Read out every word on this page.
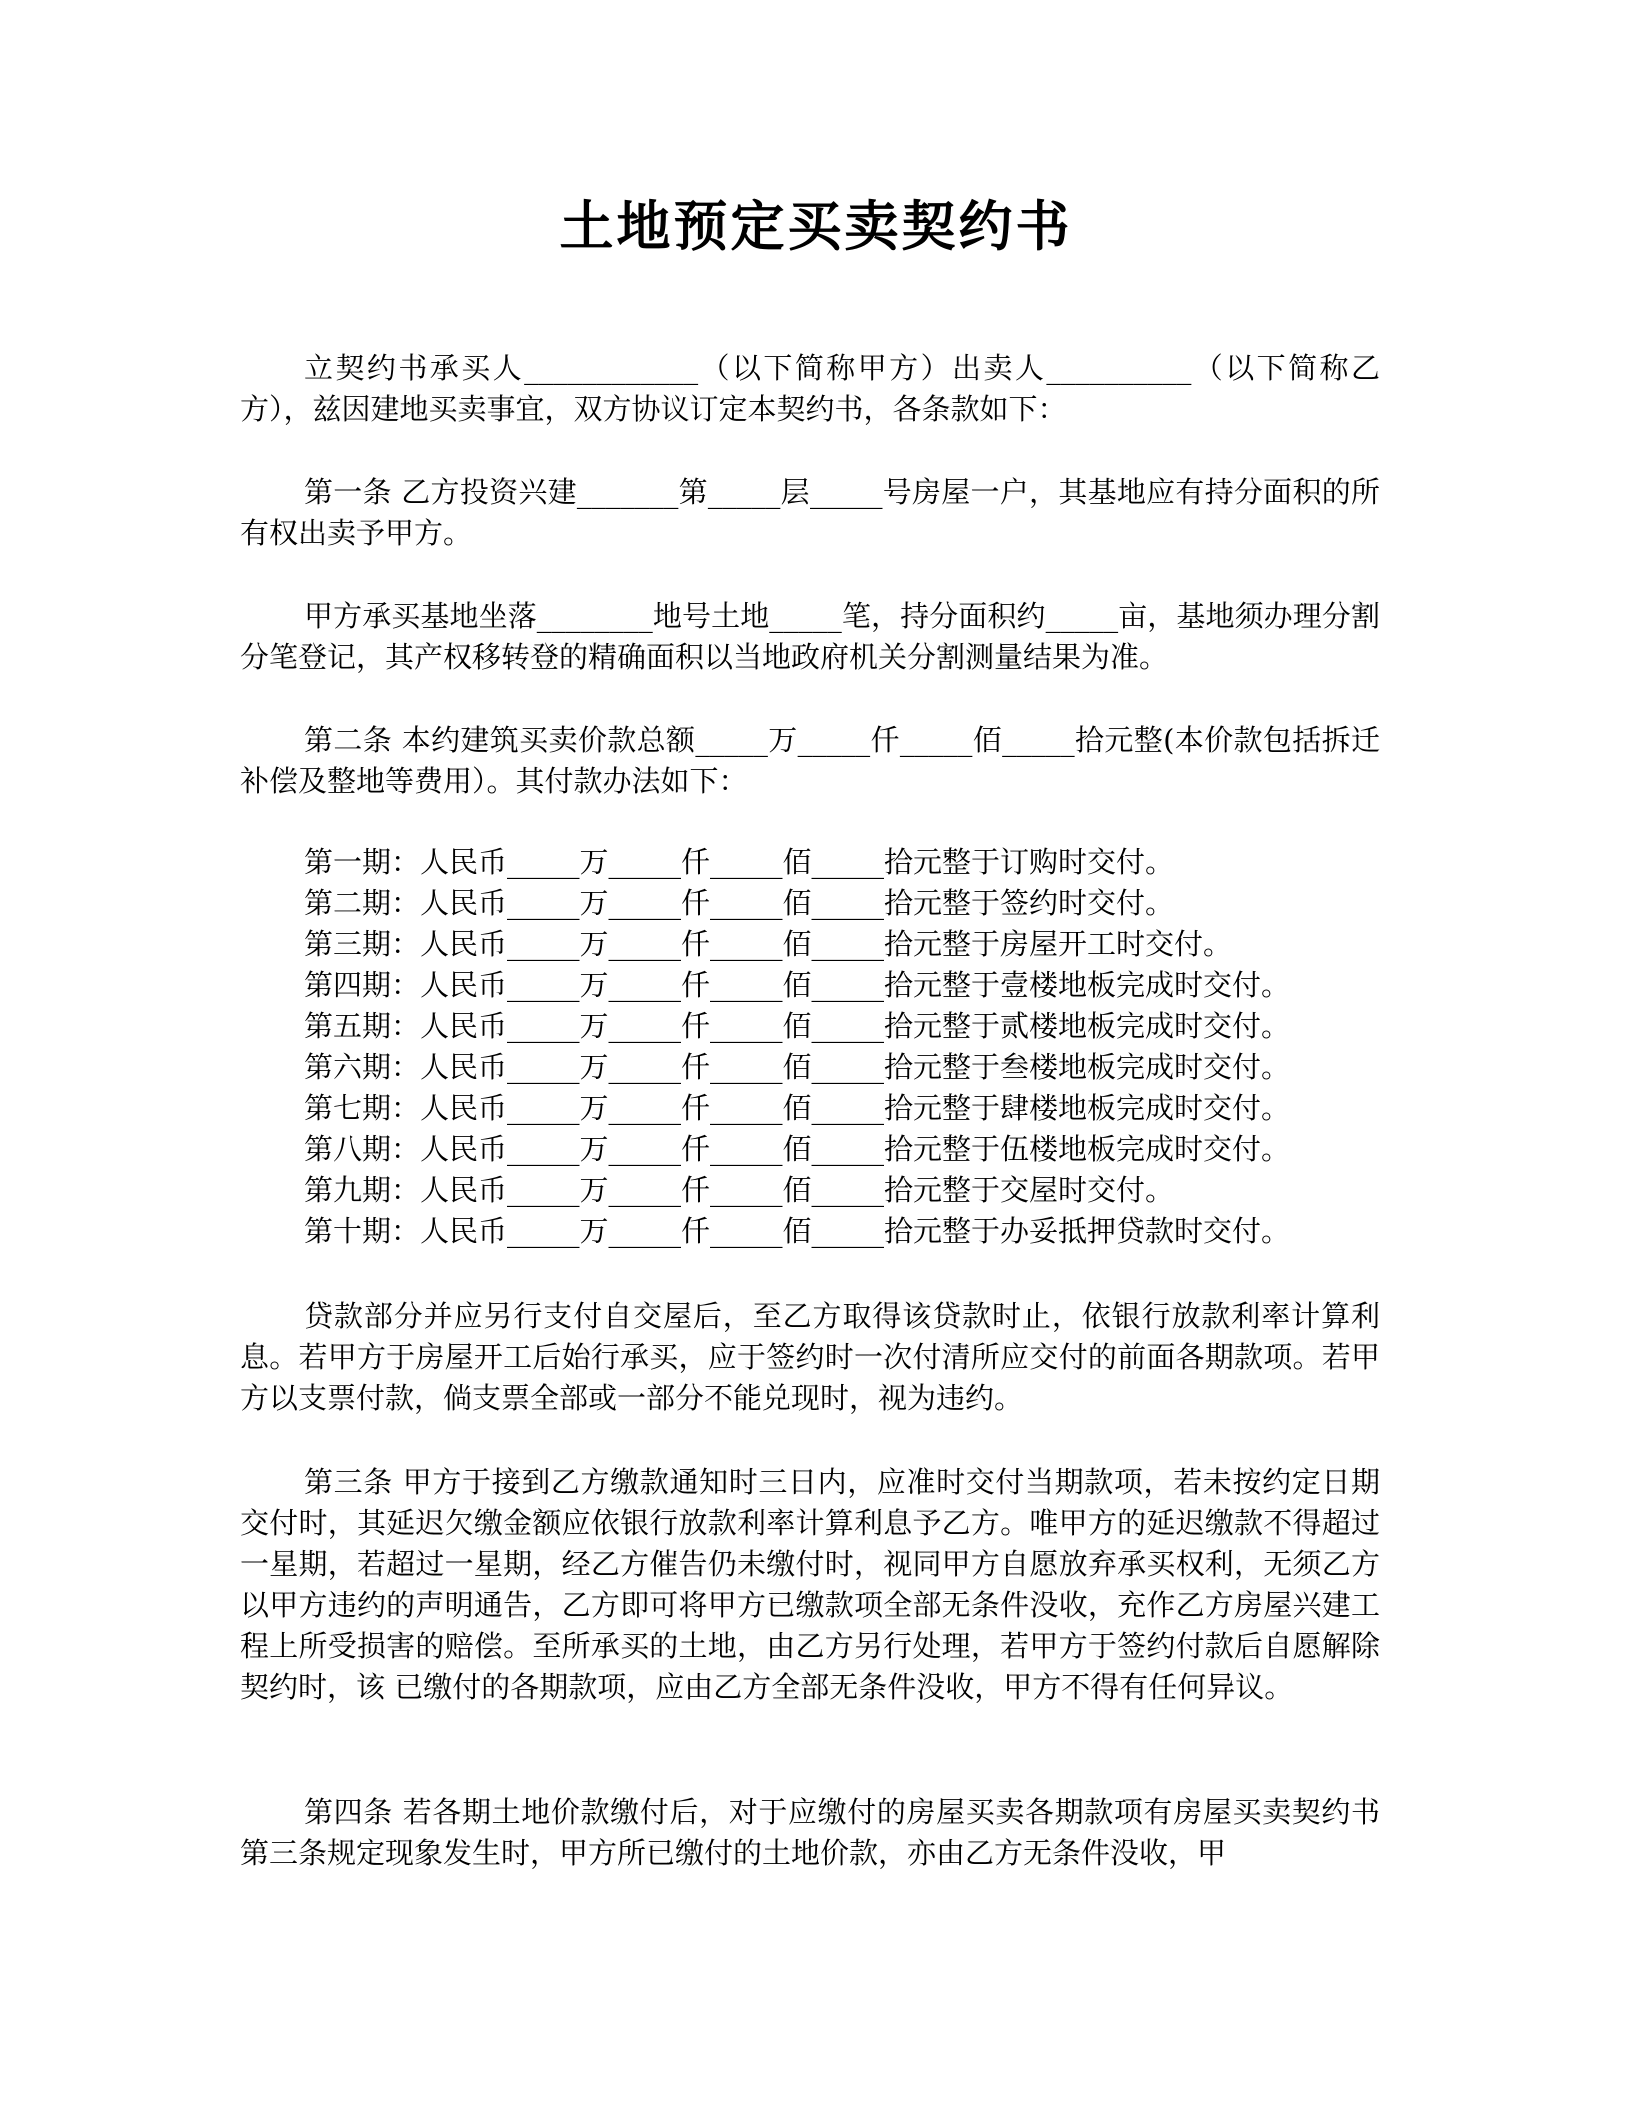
土地预定买卖契约书
立契约书承买人____________（以下简称甲方）出卖人__________（以下简称乙方），兹因建地买卖事宜，双方协议订定本契约书，各条款如下：
第一条 乙方投资兴建_______第_____层_____号房屋一户，其基地应有持分面积的所有权出卖予甲方。
甲方承买基地坐落________地号土地_____笔，持分面积约_____亩，基地须办理分割分笔登记，其产权移转登的精确面积以当地政府机关分割测量结果为准。
第二条 本约建筑买卖价款总额_____万_____仟_____佰_____拾元整(本价款包括拆迁补偿及整地等费用）。其付款办法如下：
第一期：人民币_____万_____仟_____佰_____拾元整于订购时交付。
第二期：人民币_____万_____仟_____佰_____拾元整于签约时交付。
第三期：人民币_____万_____仟_____佰_____拾元整于房屋开工时交付。
第四期：人民币_____万_____仟_____佰_____拾元整于壹楼地板完成时交付。
第五期：人民币_____万_____仟_____佰_____拾元整于贰楼地板完成时交付。
第六期：人民币_____万_____仟_____佰_____拾元整于叁楼地板完成时交付。
第七期：人民币_____万_____仟_____佰_____拾元整于肆楼地板完成时交付。
第八期：人民币_____万_____仟_____佰_____拾元整于伍楼地板完成时交付。
第九期：人民币_____万_____仟_____佰_____拾元整于交屋时交付。
第十期：人民币_____万_____仟_____佰_____拾元整于办妥抵押贷款时交付。
贷款部分并应另行支付自交屋后，至乙方取得该贷款时止，依银行放款利率计算利息。若甲方于房屋开工后始行承买，应于签约时一次付清所应交付的前面各期款项。若甲方以支票付款，倘支票全部或一部分不能兑现时，视为违约。
第三条 甲方于接到乙方缴款通知时三日内，应准时交付当期款项，若未按约定日期交付时，其延迟欠缴金额应依银行放款利率计算利息予乙方。唯甲方的延迟缴款不得超过一星期，若超过一星期，经乙方催告仍未缴付时，视同甲方自愿放弃承买权利，无须乙方以甲方违约的声明通告，乙方即可将甲方已缴款项全部无条件没收，充作乙方房屋兴建工程上所受损害的赔偿。至所承买的土地，由乙方另行处理，若甲方于签约付款后自愿解除契约时，该 已缴付的各期款项，应由乙方全部无条件没收，甲方不得有任何异议。
第四条 若各期土地价款缴付后，对于应缴付的房屋买卖各期款项有房屋买卖契约书第三条规定现象发生时，甲方所已缴付的土地价款，亦由乙方无条件没收，甲
